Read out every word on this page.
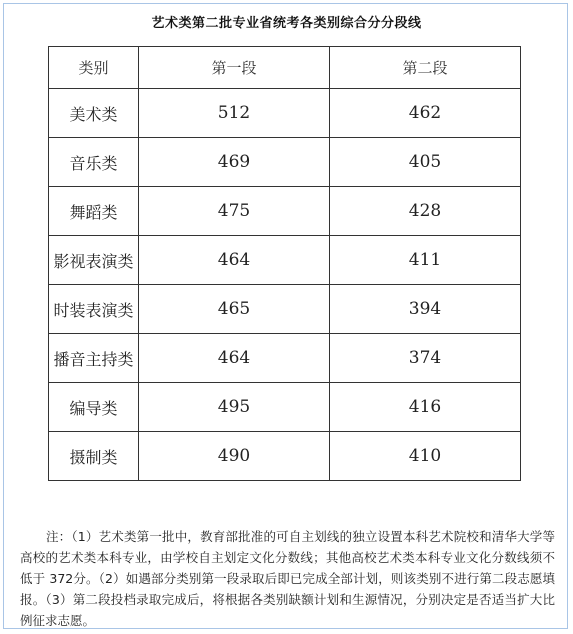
艺术类第二批专业省统考各类别综合分分段线
类别	第一段	第二段
美术类	512	462
音乐类	469	405
舞蹈类	475	428
影视表演类	464	411
时装表演类	465	394
播音主持类	464	374
编导类	495	416
摄制类	490	410

注：（1）艺术类第一批中，教育部批准的可自主划线的独立设置本科艺术院校和清华大学等高校的艺术类本科专业，由学校自主划定文化分数线；其他高校艺术类本科专业文化分数线须不低于 372分。（2）如遇部分类别第一段录取后即已完成全部计划，则该类别不进行第二段志愿填报。（3）第二段投档录取完成后，将根据各类别缺额计划和生源情况，分别决定是否适当扩大比例征求志愿。
